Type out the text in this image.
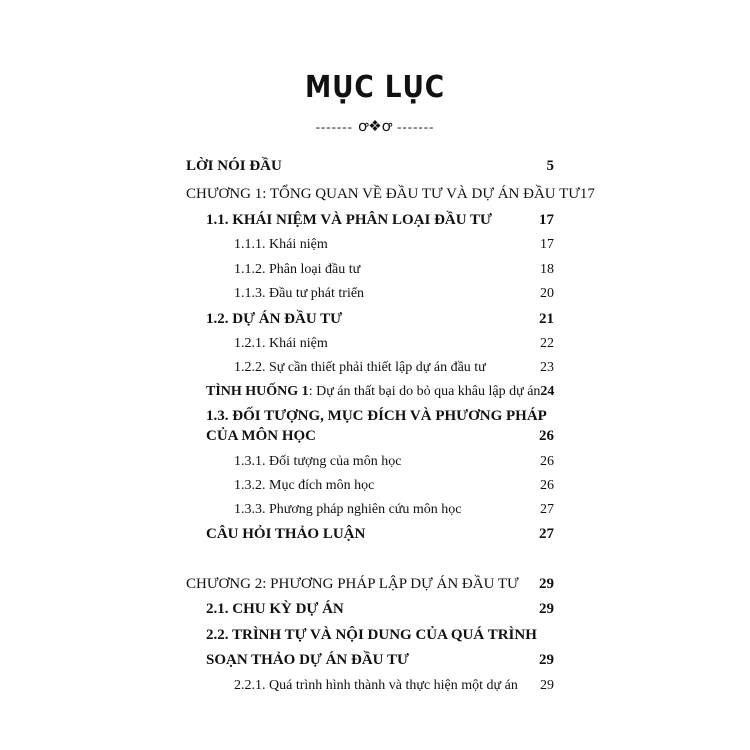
MỤC LỤC
------- ꝍ❖ꝍ -------
LỜI NÓI ĐẦU	5
CHƯƠNG 1: TỔNG QUAN VỀ ĐẦU TƯ VÀ DỰ ÁN ĐẦU TƯ 17
1.1. KHÁI NIỆM VÀ PHÂN LOẠI ĐẦU TƯ	17
1.1.1. Khái niệm	17
1.1.2. Phân loại đầu tư	18
1.1.3. Đầu tư phát triển	20
1.2. DỰ ÁN ĐẦU TƯ	21
1.2.1. Khái niệm	22
1.2.2. Sự cần thiết phải thiết lập dự án đầu tư	23
TÌNH HUỐNG 1: Dự án thất bại do bỏ qua khâu lập dự án 24
1.3. ĐỐI TƯỢNG, MỤC ĐÍCH VÀ PHƯƠNG PHÁP
CỦA MÔN HỌC	26
1.3.1. Đối tượng của môn học	26
1.3.2. Mục đích môn học	26
1.3.3. Phương pháp nghiên cứu môn học	27
CÂU HỎI THẢO LUẬN	27
CHƯƠNG 2: PHƯƠNG PHÁP LẬP DỰ ÁN ĐẦU TƯ 29
2.1. CHU KỲ DỰ ÁN	29
2.2. TRÌNH TỰ VÀ NỘI DUNG CỦA QUÁ TRÌNH
SOẠN THẢO DỰ ÁN ĐẦU TƯ	29
2.2.1. Quá trình hình thành và thực hiện một dự án 29
